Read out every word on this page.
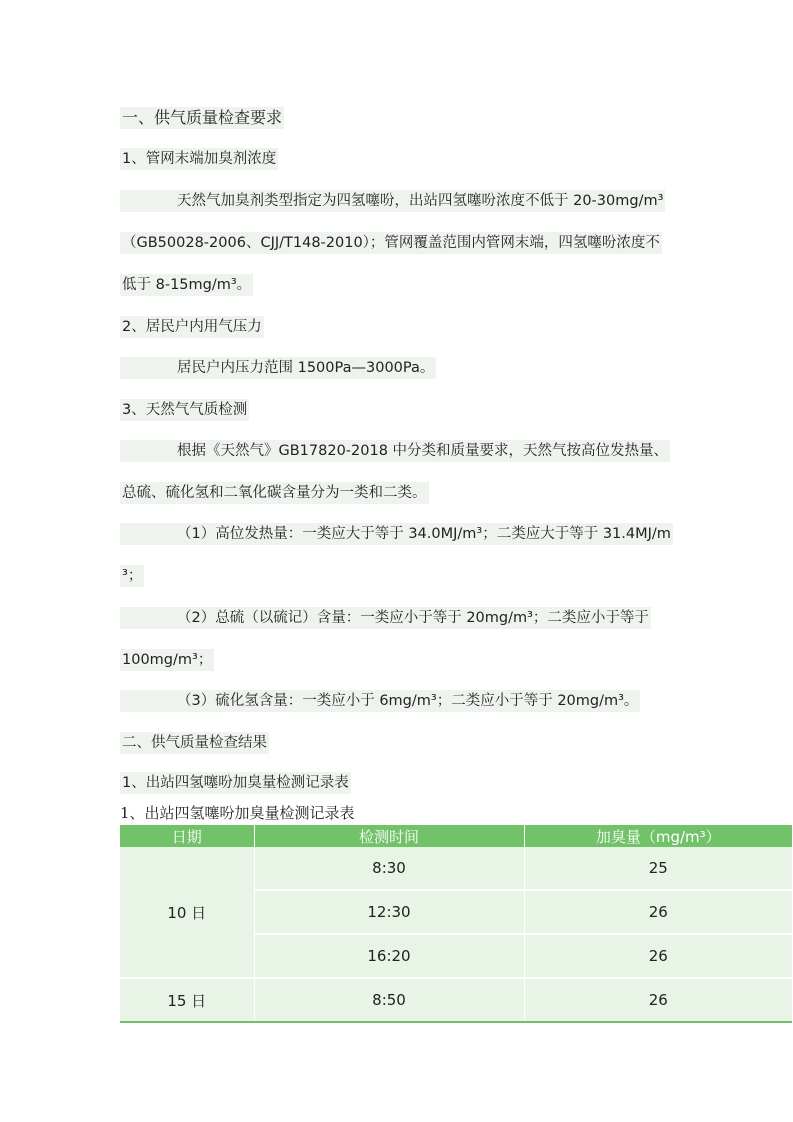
一、供气质量检查要求
1、管网末端加臭剂浓度
天然气加臭剂类型指定为四氢噻吩，出站四氢噻吩浓度不低于 20-30mg/m³
（GB50028-2006、CJJ/T148-2010）；管网覆盖范围内管网末端，四氢噻吩浓度不
低于 8-15mg/m³。
2、居民户内用气压力
居民户内压力范围 1500Pa—3000Pa。
3、天然气气质检测
根据《天然气》GB17820-2018 中分类和质量要求，天然气按高位发热量、
总硫、硫化氢和二氧化碳含量分为一类和二类。
（1）高位发热量：一类应大于等于 34.0MJ/m³；二类应大于等于 31.4MJ/m
³；
（2）总硫（以硫记）含量：一类应小于等于 20mg/m³；二类应小于等于
100mg/m³；
（3）硫化氢含量：一类应小于 6mg/m³；二类应小于等于 20mg/m³。
二、供气质量检查结果
1、出站四氢噻吩加臭量检测记录表
1、出站四氢噻吩加臭量检测记录表
日期	检测时间	加臭量（mg/m³）
10 日	8:30	25
	12:30	26
	16:20	26
15 日	8:50	26
